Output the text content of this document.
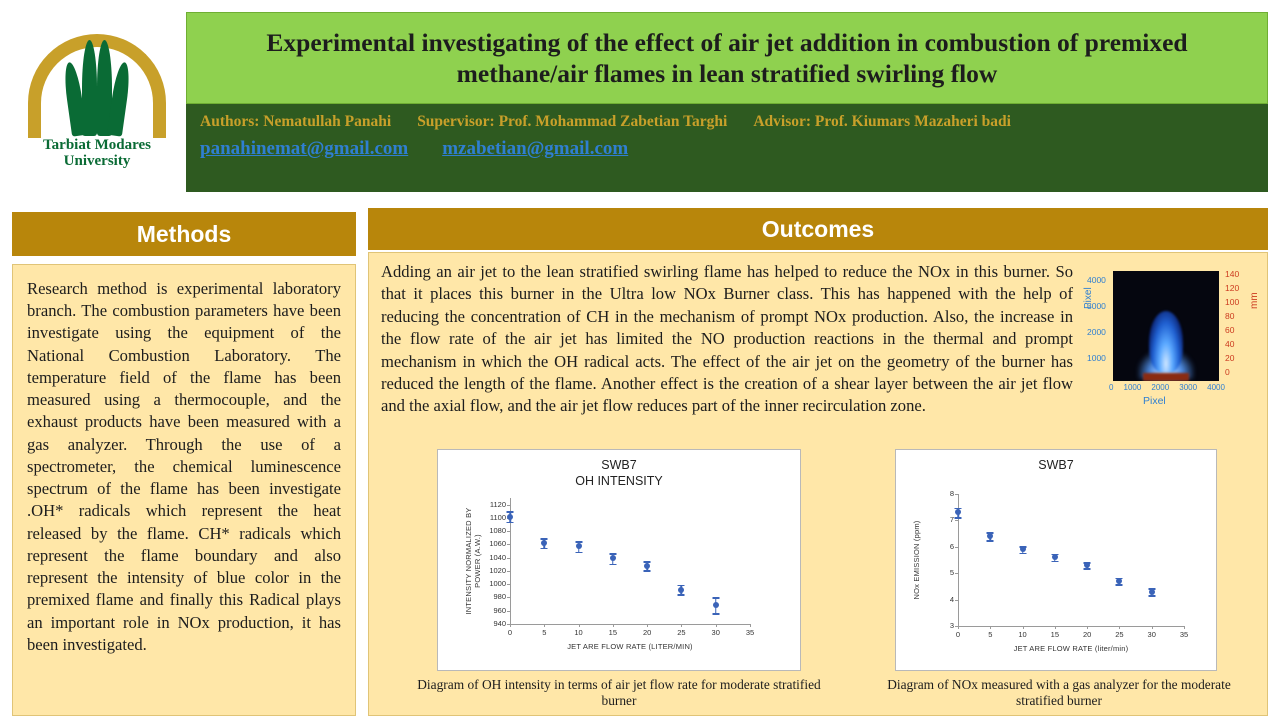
Tarbiat Modares
University
Experimental investigating of the effect of air jet addition in combustion of premixed methane/air flames in lean stratified swirling flow
Authors: Nematullah Panahi Supervisor: Prof. Mohammad Zabetian Targhi Advisor: Prof. Kiumars Mazaheri badi
panahinemat@gmail.com mzabetian@gmail.com
Methods
Research method is experimental laboratory branch. The combustion parameters have been investigate using the equipment of the National Combustion Laboratory. The temperature field of the flame has been measured using a thermocouple, and the exhaust products have been measured with a gas analyzer. Through the use of a spectrometer, the chemical luminescence spectrum of the flame has been investigate .OH* radicals which represent the heat released by the flame. CH* radicals which represent the flame boundary and also represent the intensity of blue color in the premixed flame and finally this Radical plays an important role in NOx production, it has been investigated.
Outcomes
Adding an air jet to the lean stratified swirling flame has helped to reduce the NOx in this burner. So that it places this burner in the Ultra low NOx Burner class. This has happened with the help of reducing the concentration of CH in the mechanism of prompt NOx production. Also, the increase in the flow rate of the air jet has limited the NO production reactions in the thermal and prompt mechanism in which the OH radical acts. The effect of the air jet on the geometry of the burner has reduced the length of the flame. Another effect is the creation of a shear layer between the air jet flow and the axial flow, and the air jet flow reduces part of the inner recirculation zone.
Pixel	mm
4000
3000
2000
1000
140
120
100
80
60
40
20
0
0 1000 2000 3000 4000
Pixel
SWB7
OH INTENSITY
940
960
980
1000
1020
1040
1060
1080
1100
1120
0	5	10	15	20	25	30	35
JET ARE FLOW RATE (LITER/MIN)
INTENSITY NORMALIZED BY POWER (A.W.)
SWB7
3
4
5
6
7
8
0	5	10	15	20	25	30	35
JET ARE FLOW RATE (liter/min)
NOx EMISSION (ppm)
Diagram of OH intensity in terms of air jet flow rate for moderate stratified burner
Diagram of NOx measured with a gas analyzer for the moderate stratified burner
